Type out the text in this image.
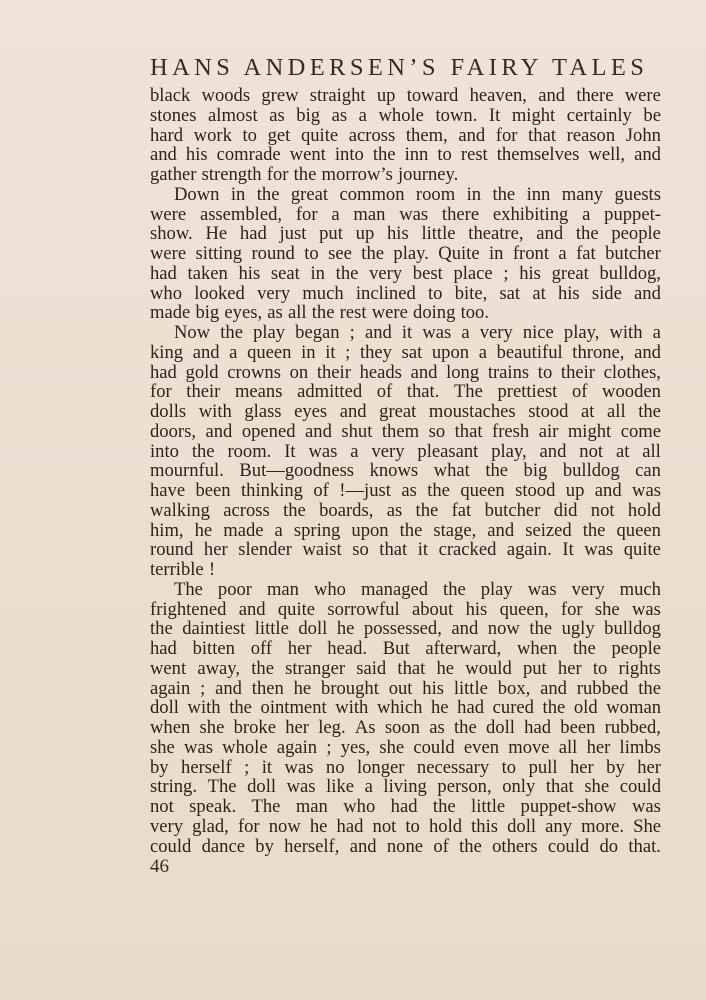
HANS ANDERSEN’S FAIRY TALES
black woods grew straight up toward heaven, and there were
stones almost as big as a whole town. It might certainly be
hard work to get quite across them, and for that reason John
and his comrade went into the inn to rest themselves well, and
gather strength for the morrow’s journey.
Down in the great common room in the inn many guests
were assembled, for a man was there exhibiting a puppet-
show. He had just put up his little theatre, and the people
were sitting round to see the play. Quite in front a fat butcher
had taken his seat in the very best place ; his great bulldog,
who looked very much inclined to bite, sat at his side and
made big eyes, as all the rest were doing too.
Now the play began ; and it was a very nice play, with a
king and a queen in it ; they sat upon a beautiful throne, and
had gold crowns on their heads and long trains to their clothes,
for their means admitted of that. The prettiest of wooden
dolls with glass eyes and great moustaches stood at all the
doors, and opened and shut them so that fresh air might come
into the room. It was a very pleasant play, and not at all
mournful. But—goodness knows what the big bulldog can
have been thinking of !—just as the queen stood up and was
walking across the boards, as the fat butcher did not hold
him, he made a spring upon the stage, and seized the queen
round her slender waist so that it cracked again. It was quite
terrible !
The poor man who managed the play was very much
frightened and quite sorrowful about his queen, for she was
the daintiest little doll he possessed, and now the ugly bulldog
had bitten off her head. But afterward, when the people
went away, the stranger said that he would put her to rights
again ; and then he brought out his little box, and rubbed the
doll with the ointment with which he had cured the old woman
when she broke her leg. As soon as the doll had been rubbed,
she was whole again ; yes, she could even move all her limbs
by herself ; it was no longer necessary to pull her by her
string. The doll was like a living person, only that she could
not speak. The man who had the little puppet-show was
very glad, for now he had not to hold this doll any more. She
could dance by herself, and none of the others could do that.
46
